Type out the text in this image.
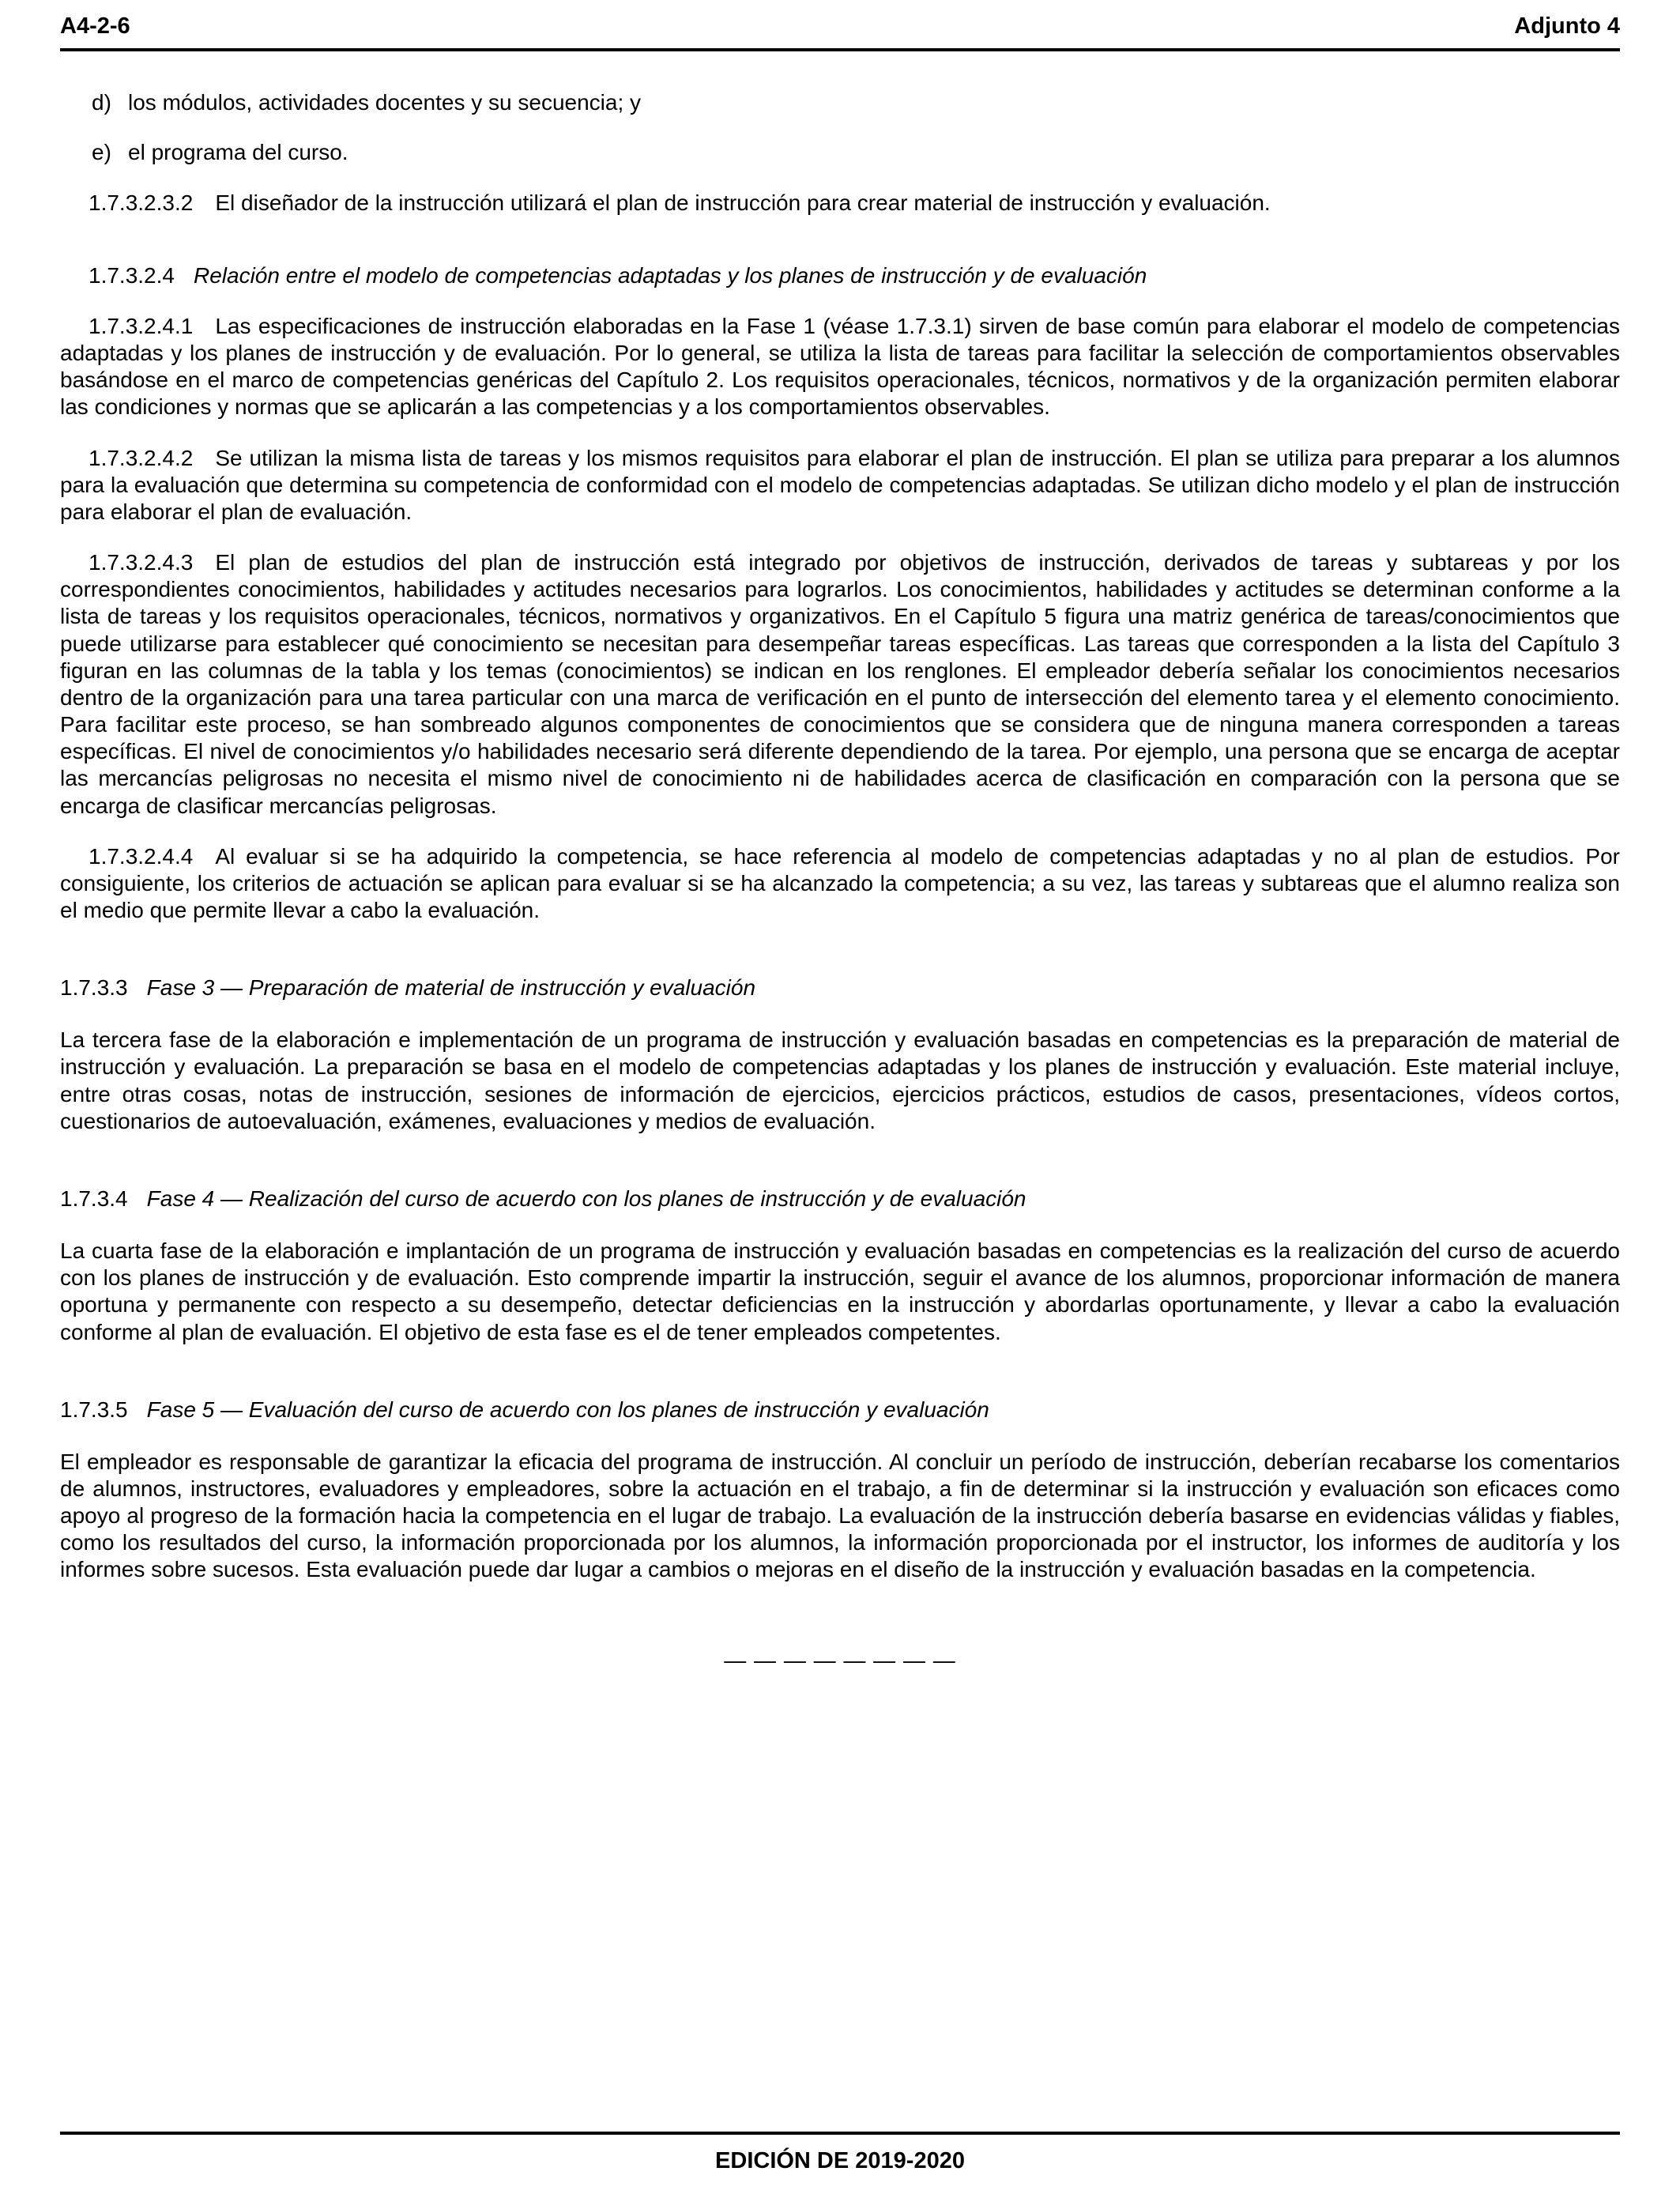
A4-2-6	Adjunto 4
d) los módulos, actividades docentes y su secuencia; y
e) el programa del curso.

1.7.3.2.3.2 El diseñador de la instrucción utilizará el plan de instrucción para crear material de instrucción y evaluación.

1.7.3.2.4 Relación entre el modelo de competencias adaptadas y los planes de instrucción y de evaluación

1.7.3.2.4.1 Las especificaciones de instrucción elaboradas en la Fase 1 (véase 1.7.3.1) sirven de base común para elaborar el modelo de competencias adaptadas y los planes de instrucción y de evaluación. Por lo general, se utiliza la lista de tareas para facilitar la selección de comportamientos observables basándose en el marco de competencias genéricas del Capítulo 2. Los requisitos operacionales, técnicos, normativos y de la organización permiten elaborar las condiciones y normas que se aplicarán a las competencias y a los comportamientos observables.

1.7.3.2.4.2 Se utilizan la misma lista de tareas y los mismos requisitos para elaborar el plan de instrucción. El plan se utiliza para preparar a los alumnos para la evaluación que determina su competencia de conformidad con el modelo de competencias adaptadas. Se utilizan dicho modelo y el plan de instrucción para elaborar el plan de evaluación.

1.7.3.2.4.3 El plan de estudios del plan de instrucción está integrado por objetivos de instrucción, derivados de tareas y subtareas y por los correspondientes conocimientos, habilidades y actitudes necesarios para lograrlos. Los conocimientos, habilidades y actitudes se determinan conforme a la lista de tareas y los requisitos operacionales, técnicos, normativos y organizativos. En el Capítulo 5 figura una matriz genérica de tareas/conocimientos que puede utilizarse para establecer qué conocimiento se necesitan para desempeñar tareas específicas. Las tareas que corresponden a la lista del Capítulo 3 figuran en las columnas de la tabla y los temas (conocimientos) se indican en los renglones. El empleador debería señalar los conocimientos necesarios dentro de la organización para una tarea particular con una marca de verificación en el punto de intersección del elemento tarea y el elemento conocimiento. Para facilitar este proceso, se han sombreado algunos componentes de conocimientos que se considera que de ninguna manera corresponden a tareas específicas. El nivel de conocimientos y/o habilidades necesario será diferente dependiendo de la tarea. Por ejemplo, una persona que se encarga de aceptar las mercancías peligrosas no necesita el mismo nivel de conocimiento ni de habilidades acerca de clasificación en comparación con la persona que se encarga de clasificar mercancías peligrosas.

1.7.3.2.4.4 Al evaluar si se ha adquirido la competencia, se hace referencia al modelo de competencias adaptadas y no al plan de estudios. Por consiguiente, los criterios de actuación se aplican para evaluar si se ha alcanzado la competencia; a su vez, las tareas y subtareas que el alumno realiza son el medio que permite llevar a cabo la evaluación.

1.7.3.3 Fase 3 — Preparación de material de instrucción y evaluación

La tercera fase de la elaboración e implementación de un programa de instrucción y evaluación basadas en competencias es la preparación de material de instrucción y evaluación. La preparación se basa en el modelo de competencias adaptadas y los planes de instrucción y evaluación. Este material incluye, entre otras cosas, notas de instrucción, sesiones de información de ejercicios, ejercicios prácticos, estudios de casos, presentaciones, vídeos cortos, cuestionarios de autoevaluación, exámenes, evaluaciones y medios de evaluación.

1.7.3.4 Fase 4 — Realización del curso de acuerdo con los planes de instrucción y de evaluación

La cuarta fase de la elaboración e implantación de un programa de instrucción y evaluación basadas en competencias es la realización del curso de acuerdo con los planes de instrucción y de evaluación. Esto comprende impartir la instrucción, seguir el avance de los alumnos, proporcionar información de manera oportuna y permanente con respecto a su desempeño, detectar deficiencias en la instrucción y abordarlas oportunamente, y llevar a cabo la evaluación conforme al plan de evaluación. El objetivo de esta fase es el de tener empleados competentes.

1.7.3.5 Fase 5 — Evaluación del curso de acuerdo con los planes de instrucción y evaluación

El empleador es responsable de garantizar la eficacia del programa de instrucción. Al concluir un período de instrucción, deberían recabarse los comentarios de alumnos, instructores, evaluadores y empleadores, sobre la actuación en el trabajo, a fin de determinar si la instrucción y evaluación son eficaces como apoyo al progreso de la formación hacia la competencia en el lugar de trabajo. La evaluación de la instrucción debería basarse en evidencias válidas y fiables, como los resultados del curso, la información proporcionada por los alumnos, la información proporcionada por el instructor, los informes de auditoría y los informes sobre sucesos. Esta evaluación puede dar lugar a cambios o mejoras en el diseño de la instrucción y evaluación basadas en la competencia.

— — — — — — — —
EDICIÓN DE 2019-2020
